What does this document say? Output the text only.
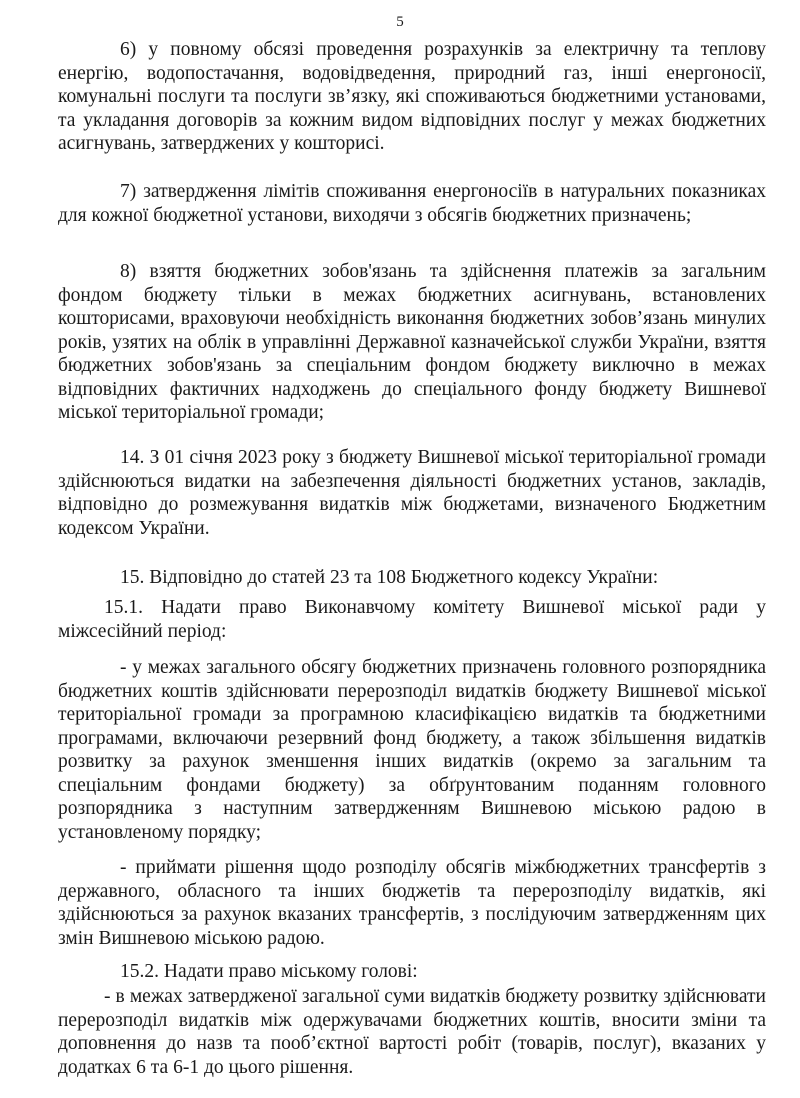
5

6) у повному обсязі проведення розрахунків за електричну та теплову енергію, водопостачання, водовідведення, природний газ, інші енергоносії, комунальні послуги та послуги зв’язку, які споживаються бюджетними установами, та укладання договорів за кожним видом відповідних послуг у межах бюджетних асигнувань, затверджених у кошторисі.

7) затвердження лімітів споживання енергоносіїв в натуральних показниках для кожної бюджетної установи, виходячи з обсягів бюджетних призначень;

8) взяття бюджетних зобов'язань та здійснення платежів за загальним фондом бюджету тільки в межах бюджетних асигнувань, встановлених кошторисами, враховуючи необхідність виконання бюджетних зобов’язань минулих років, узятих на облік в управлінні Державної казначейської служби України, взяття бюджетних зобов'язань за спеціальним фондом бюджету виключно в межах відповідних фактичних надходжень до спеціального фонду бюджету Вишневої міської територіальної громади;

14. З 01 січня 2023 року з бюджету Вишневої міської територіальної громади здійснюються видатки на забезпечення діяльності бюджетних установ, закладів, відповідно до розмежування видатків між бюджетами, визначеного Бюджетним кодексом України.

15. Відповідно до статей 23 та 108 Бюджетного кодексу України:

15.1. Надати право Виконавчому комітету Вишневої міської ради у міжсесійний період:

- у межах загального обсягу бюджетних призначень головного розпорядника бюджетних коштів здійснювати перерозподіл видатків бюджету Вишневої міської територіальної громади за програмною класифікацією видатків та бюджетними програмами, включаючи резервний фонд бюджету, а також збільшення видатків розвитку за рахунок зменшення інших видатків (окремо за загальним та спеціальним фондами бюджету) за обґрунтованим поданням головного розпорядника з наступним затвердженням Вишневою міською радою в установленому порядку;

- приймати рішення щодо розподілу обсягів міжбюджетних трансфертів з державного, обласного та інших бюджетів та перерозподілу видатків, які здійснюються за рахунок вказаних трансфертів, з послідуючим затвердженням цих змін Вишневою міською радою.

15.2. Надати право міському голові:

- в межах затвердженої загальної суми видатків бюджету розвитку здійснювати перерозподіл видатків між одержувачами бюджетних коштів, вносити зміни та доповнення до назв та пооб’єктної вартості робіт (товарів, послуг), вказаних у додатках 6 та 6-1 до цього рішення.
